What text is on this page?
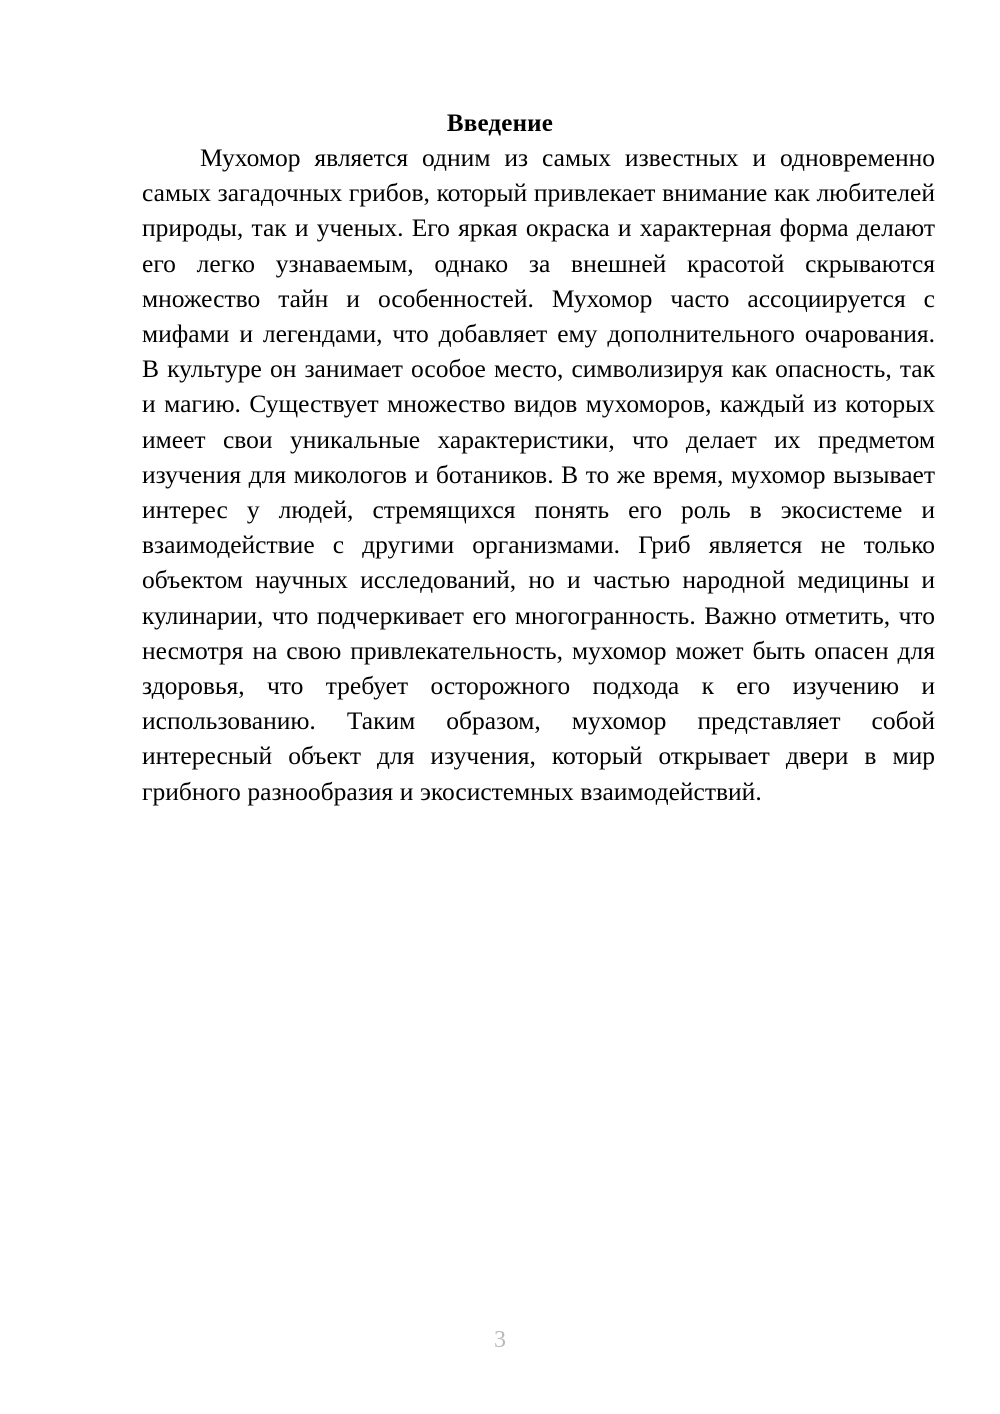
Введение

Мухомор является одним из самых известных и одновременно самых загадочных грибов, который привлекает внимание как любителей природы, так и ученых. Его яркая окраска и характерная форма делают его легко узнаваемым, однако за внешней красотой скрываются множество тайн и особенностей. Мухомор часто ассоциируется с мифами и легендами, что добавляет ему дополнительного очарования. В культуре он занимает особое место, символизируя как опасность, так и магию. Существует множество видов мухоморов, каждый из которых имеет свои уникальные характеристики, что делает их предметом изучения для микологов и ботаников. В то же время, мухомор вызывает интерес у людей, стремящихся понять его роль в экосистеме и взаимодействие с другими организмами. Гриб является не только объектом научных исследований, но и частью народной медицины и кулинарии, что подчеркивает его многогранность. Важно отметить, что несмотря на свою привлекательность, мухомор может быть опасен для здоровья, что требует осторожного подхода к его изучению и использованию. Таким образом, мухомор представляет собой интересный объект для изучения, который открывает двери в мир грибного разнообразия и экосистемных взаимодействий.

3
